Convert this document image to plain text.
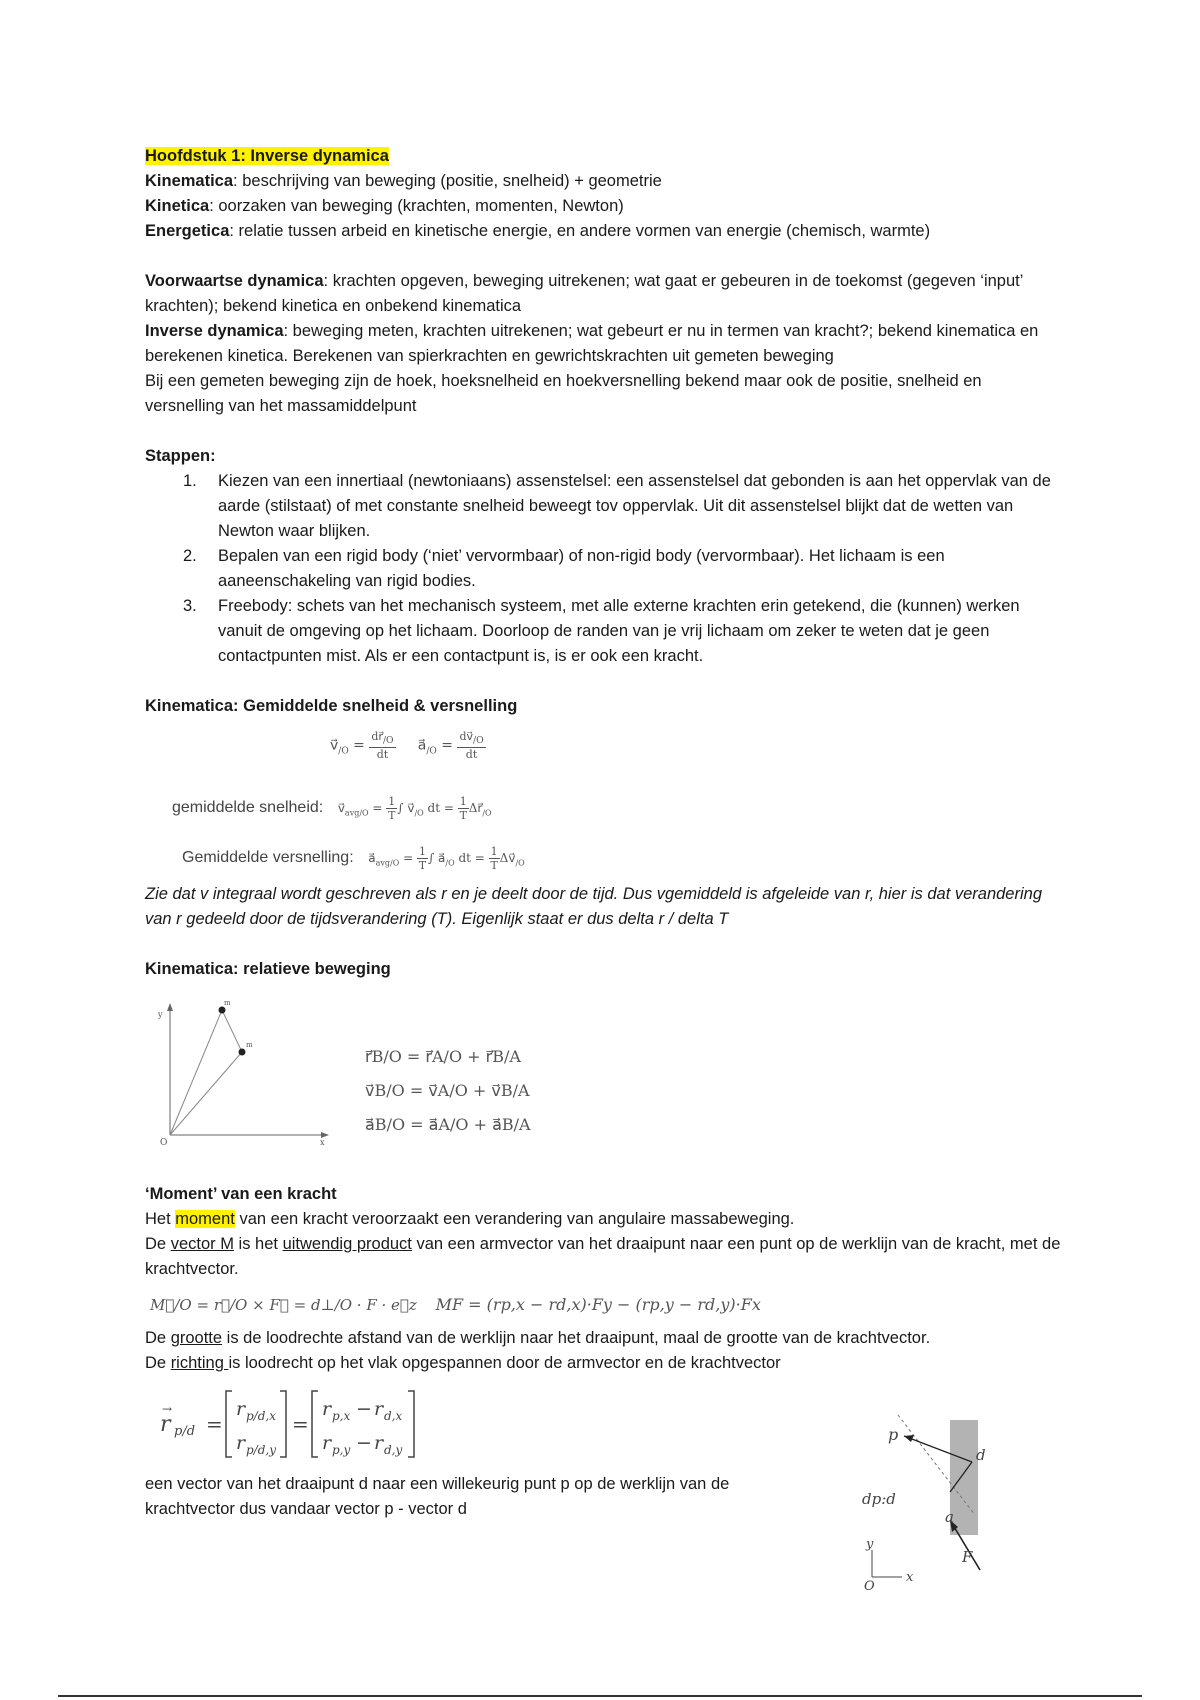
Hoofdstuk 1: Inverse dynamica
Kinematica: beschrijving van beweging (positie, snelheid) + geometrie
Kinetica: oorzaken van beweging (krachten, momenten, Newton)
Energetica: relatie tussen arbeid en kinetische energie, en andere vormen van energie (chemisch, warmte)
Voorwaartse dynamica: krachten opgeven, beweging uitrekenen; wat gaat er gebeuren in de toekomst (gegeven ‘input’ krachten); bekend kinetica en onbekend kinematica
Inverse dynamica: beweging meten, krachten uitrekenen; wat gebeurt er nu in termen van kracht?; bekend kinematica en berekenen kinetica. Berekenen van spierkrachten en gewrichtskrachten uit gemeten beweging
Bij een gemeten beweging zijn de hoek, hoeksnelheid en hoekversnelling bekend maar ook de positie, snelheid en versnelling van het massamiddelpunt
Stappen:
1. Kiezen van een innertiaal (newtoniaans) assenstelsel: een assenstelsel dat gebonden is aan het oppervlak van de aarde (stilstaat) of met constante snelheid beweegt tov oppervlak. Uit dit assenstelsel blijkt dat de wetten van Newton waar blijken.
2. Bepalen van een rigid body (‘niet’ vervormbaar) of non-rigid body (vervormbaar). Het lichaam is een aaneenschakeling van rigid bodies.
3. Freebody: schets van het mechanisch systeem, met alle externe krachten erin getekend, die (kunnen) werken vanuit de omgeving op het lichaam. Doorloop de randen van je vrij lichaam om zeker te weten dat je geen contactpunten mist. Als er een contactpunt is, is er ook een kracht.
Kinematica: Gemiddelde snelheid & versnelling
$v⃗_{/O} = \frac{dr⃗_{/O}}{dt}$ $a⃗_{/O} = \frac{dv⃗_{/O}}{dt}$
gemiddelde snelheid: $v⃗_{avg/O} = \frac{1}{T}$ ∫ $v⃗_{/O}$ dt = $\frac{1}{T}$ $\Delta r⃗_{/O}$
Gemiddelde versnelling: $a⃗_{avg/O} = \frac{1}{T}$ ∫ $a⃗_{/O}$ dt = $\frac{1}{T}$ $\Delta v⃗_{/O}$
Zie dat v integraal wordt geschreven als r en je deelt door de tijd. Dus vgemiddeld is afgeleide van r, hier is dat verandering van r gedeeld door de tijdsverandering (T). Eigenlijk staat er dus delta r / delta T
Kinematica: relatieve beweging
O	x
y
m
m
r⃗B/O = r⃗A/O + r⃗B/A
v⃗B/O = v⃗A/O + v⃗B/A
a⃗B/O = a⃗A/O + a⃗B/A
‘Moment’ van een kracht
Het moment van een kracht veroorzaakt een verandering van angulaire massabeweging.
De vector M is het uitwendig product van een armvector van het draaipunt naar een punt op de werklijn van de kracht, met de krachtvector.
M⃗/O = r⃗/O × F⃗ = d⊥/O · F · e⃗z MF = (rp,x − rd,x)·Fy − (rp,y − rd,y)·Fx
De grootte is de loodrechte afstand van de werklijn naar het draaipunt, maal de grootte van de krachtvector.
De richting is loodrecht op het vlak opgespannen door de armvector en de krachtvector
r
→
p/d =
r p/d,x
r p/d,y
=
r p,x − r d,x
r p,y − r d,y
een vector van het draaipunt d naar een willekeurig punt p op de werklijn van de krachtvector dus vandaar vector p - vector d
p
d
a
dp:d
y
x
O
F
